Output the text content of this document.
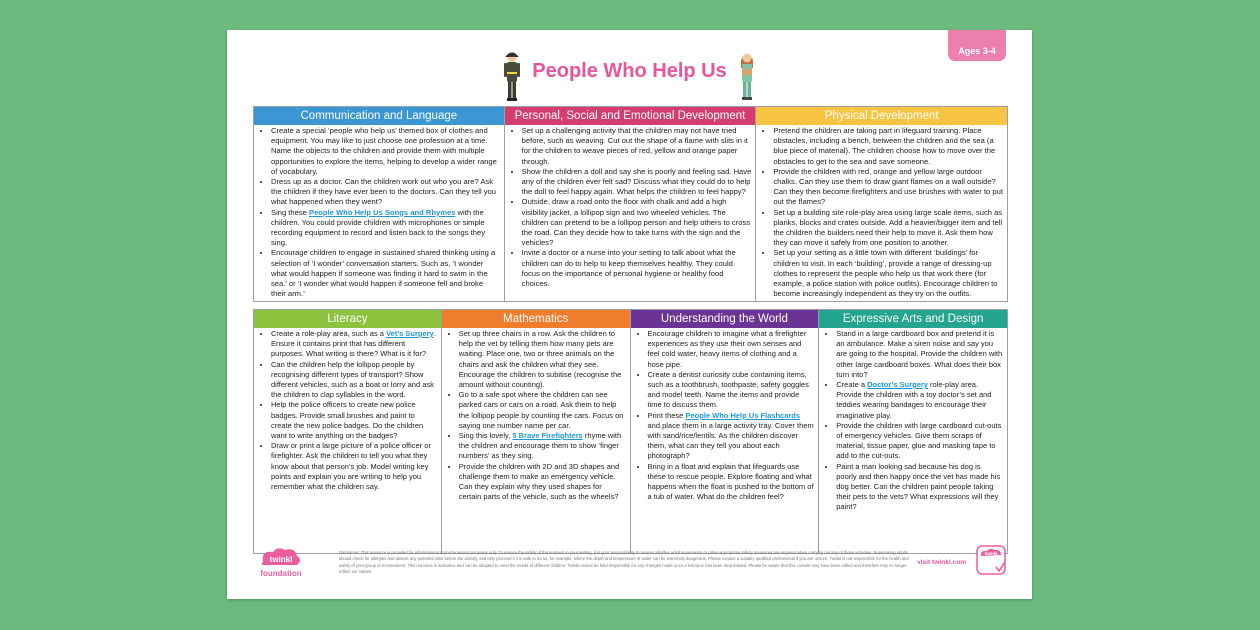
Ages 3-4
People Who Help Us
Communication and Language
• Create a special ‘people who help us’ themed box of clothes and equipment. You may like to just choose one profession at a time. Name the objects to the children and provide them with multiple opportunities to explore the items, helping to develop a wider range of vocabulary.
• Dress up as a doctor. Can the children work out who you are? Ask the children if they have ever been to the doctors. Can they tell you what happened when they went?
• Sing these People Who Help Us Songs and Rhymes with the children. You could provide children with microphones or simple recording equipment to record and listen back to the songs they sing.
• Encourage children to engage in sustained shared thinking using a selection of ‘I wonder’ conversation starters. Such as, ‘I wonder what would happen if someone was finding it hard to swim in the sea.’ or ‘I wonder what would happen if someone fell and broke their arm.’
Personal, Social and Emotional Development
• Set up a challenging activity that the children may not have tried before, such as weaving. Cut out the shape of a flame with slits in it for the children to weave pieces of red, yellow and orange paper through.
• Show the children a doll and say she is poorly and feeling sad. Have any of the children ever felt sad? Discuss what they could do to help the doll to feel happy again. What helps the children to feel happy?
• Outside, draw a road onto the floor with chalk and add a high visibility jacket, a lollipop sign and two wheeled vehicles. The children can pretend to be a lollipop person and help others to cross the road. Can they decide how to take turns with the sign and the vehicles?
• Invite a doctor or a nurse into your setting to talk about what the children can do to help to keep themselves healthy. They could focus on the importance of personal hygiene or healthy food choices.
Physical Development
• Pretend the children are taking part in lifeguard training. Place obstacles, including a bench, between the children and the sea (a blue piece of material). The children choose how to move over the obstacles to get to the sea and save someone.
• Provide the children with red, orange and yellow large outdoor chalks. Can they use them to draw giant flames on a wall outside? Can they then become firefighters and use brushes with water to put out the flames?
• Set up a building site role-play area using large scale items, such as planks, blocks and crates outside. Add a heavier/bigger item and tell the children the builders need their help to move it. Ask them how they can move it safely from one position to another.
• Set up your setting as a little town with different ‘buildings’ for children to visit. In each ‘building’, provide a range of dressing-up clothes to represent the people who help us that work there (for example, a police station with police outfits). Encourage children to become increasingly independent as they try on the outfits.
Literacy
• Create a role-play area, such as a Vet’s Surgery. Ensure it contains print that has different purposes. What writing is there? What is it for?
• Can the children help the lollipop people by recognising different types of transport? Show different vehicles, such as a boat or lorry and ask the children to clap syllables in the word.
• Help the police officers to create new police badges. Provide small brushes and paint to create the new police badges. Do the children want to write anything on the badges?
• Draw or print a large picture of a police officer or firefighter. Ask the children to tell you what they know about that person’s job. Model writing key points and explain you are writing to help you remember what the children say.
Mathematics
• Set up three chairs in a row. Ask the children to help the vet by telling them how many pets are waiting. Place one, two or three animals on the chairs and ask the children what they see. Encourage the children to subitise (recognise the amount without counting).
• Go to a safe spot where the children can see parked cars or cars on a road. Ask them to help the lollipop people by counting the cars. Focus on saying one number name per car.
• Sing this lovely, 5 Brave Firefighters rhyme with the children and encourage them to show ‘finger numbers’ as they sing.
• Provide the children with 2D and 3D shapes and challenge them to make an emergency vehicle. Can they explain why they used shapes for certain parts of the vehicle, such as the wheels?
Understanding the World
• Encourage children to imagine what a firefighter experiences as they use their own senses and feel cold water, heavy items of clothing and a hose pipe.
• Create a dentist curiosity cube containing items, such as a toothbrush, toothpaste, safety goggles and model teeth. Name the items and provide time to discuss them.
• Print these People Who Help Us Flashcards and place them in a large activity tray. Cover them with sand/rice/lentils. As the children discover them, what can they tell you about each photograph?
• Bring in a float and explain that lifeguards use these to rescue people. Explore floating and what happens when the float is pushed to the bottom of a tub of water. What do the children feel?
Expressive Arts and Design
• Stand in a large cardboard box and pretend it is an ambulance. Make a siren noise and say you are going to the hospital. Provide the children with other large cardboard boxes. What does their box turn into?
• Create a Doctor’s Surgery role-play area. Provide the children with a toy doctor’s set and teddies wearing bandages to encourage their imaginative play.
• Provide the children with large cardboard cut-outs of emergency vehicles. Give them scraps of material, tissue paper, glue and masking tape to add to the cut-outs.
• Paint a man looking sad because his dog is poorly and then happy once the vet has made his dog better. Can the children paint people taking their pets to the vets? What expressions will they paint?
twinkl
foundation
Disclaimer: This resource is provided for informational and educational purposes only. To ensure the safety of the learners in your setting, it is your responsibility to assess whether adult supervision or other appropriate safety measures are required when carrying out any of these activities. Supervising adults should check for allergies and assess any potential risks before the activity, and only proceed if it is safe to do so, for example, where the depth and temperature of water can be extremely dangerous. Please contact a suitably qualified professional if you are unsure. Twinkl is not responsible for the health and safety of your group or environment. This resource is indicative and can be adapted to meet the needs of different children. Twinkl cannot be held responsible for any changes made once a resource has been downloaded. Please be aware that this content may have been edited and therefore may no longer reflect our values.
visit twinkl.com
twinkl
